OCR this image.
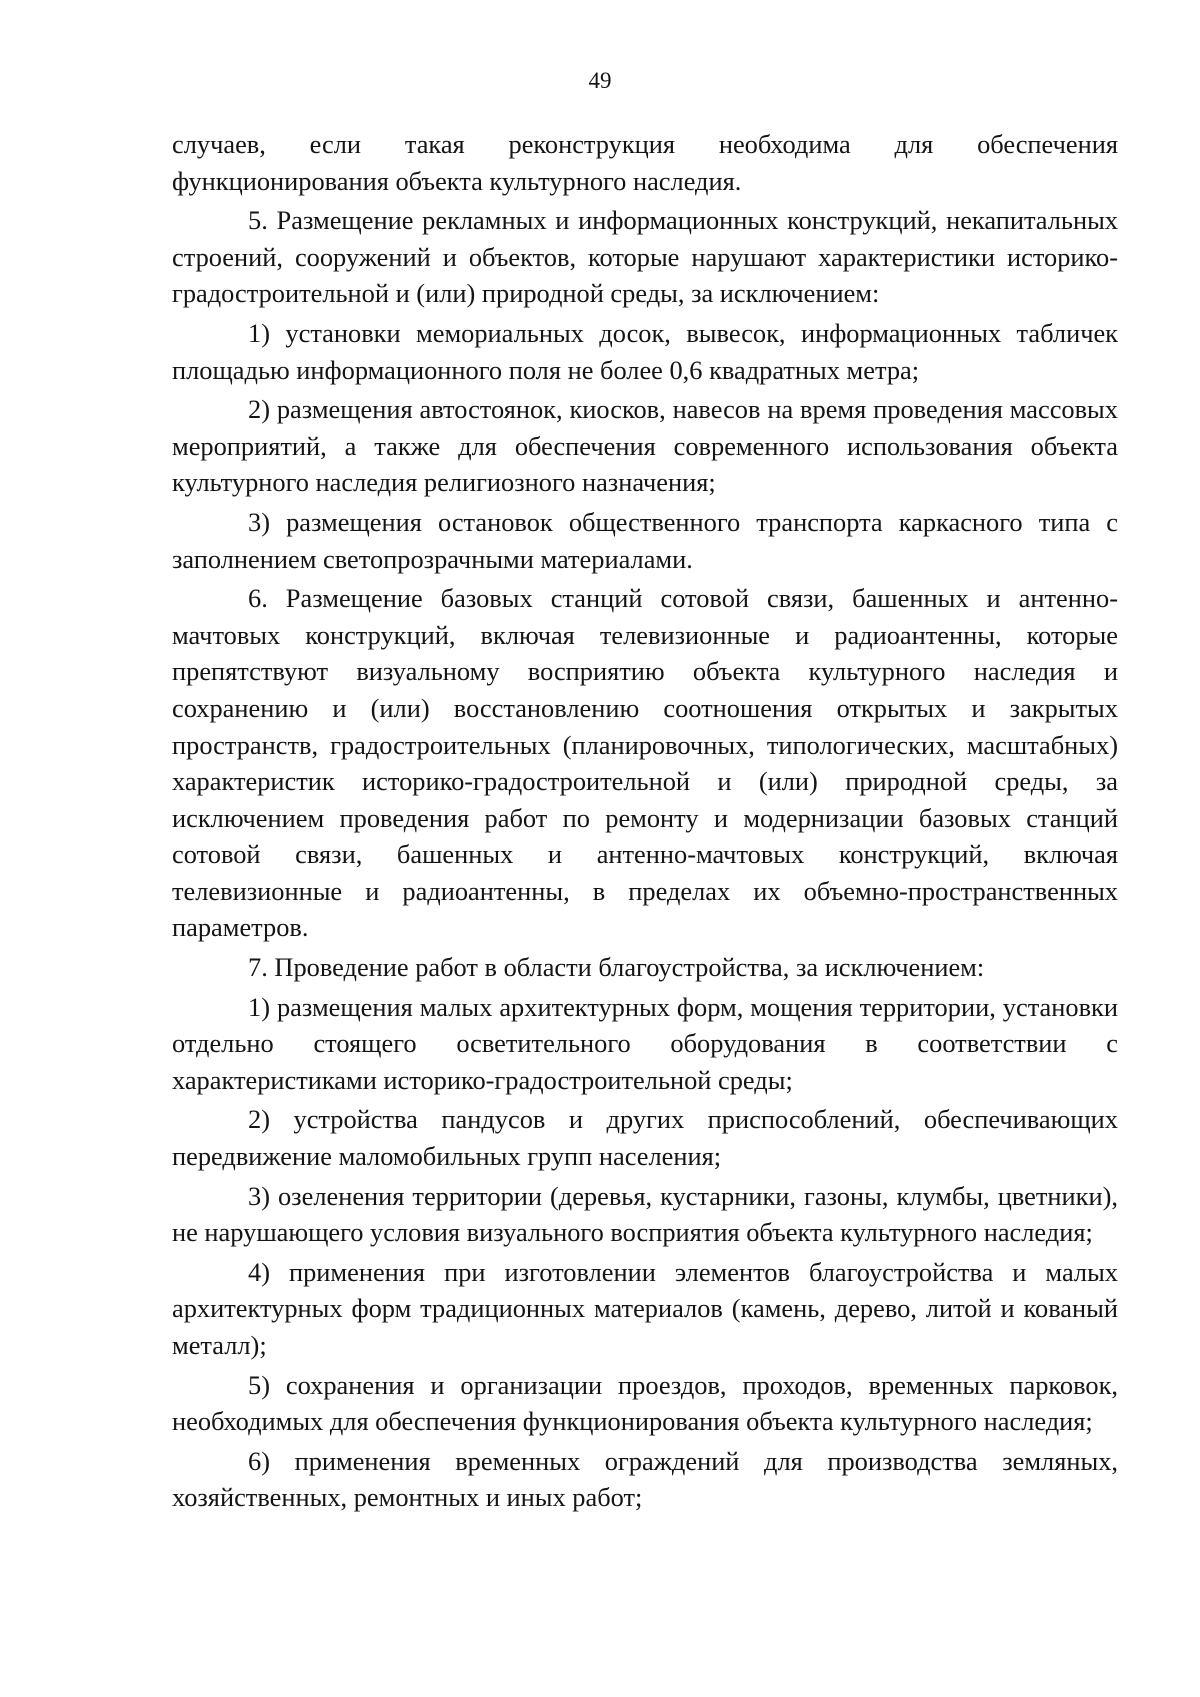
49

случаев, если такая реконструкция необходима для обеспечения функционирования объекта культурного наследия.

5. Размещение рекламных и информационных конструкций, некапитальных строений, сооружений и объектов, которые нарушают характеристики историко-градостроительной и (или) природной среды, за исключением:

1) установки мемориальных досок, вывесок, информационных табличек площадью информационного поля не более 0,6 квадратных метра;

2) размещения автостоянок, киосков, навесов на время проведения массовых мероприятий, а также для обеспечения современного использования объекта культурного наследия религиозного назначения;

3) размещения остановок общественного транспорта каркасного типа с заполнением светопрозрачными материалами.

6. Размещение базовых станций сотовой связи, башенных и антенно-мачтовых конструкций, включая телевизионные и радиоантенны, которые препятствуют визуальному восприятию объекта культурного наследия и сохранению и (или) восстановлению соотношения открытых и закрытых пространств, градостроительных (планировочных, типологических, масштабных) характеристик историко-градостроительной и (или) природной среды, за исключением проведения работ по ремонту и модернизации базовых станций сотовой связи, башенных и антенно-мачтовых конструкций, включая телевизионные и радиоантенны, в пределах их объемно-пространственных параметров.

7. Проведение работ в области благоустройства, за исключением:

1) размещения малых архитектурных форм, мощения территории, установки отдельно стоящего осветительного оборудования в соответствии с характеристиками историко-градостроительной среды;

2) устройства пандусов и других приспособлений, обеспечивающих передвижение маломобильных групп населения;

3) озеленения территории (деревья, кустарники, газоны, клумбы, цветники), не нарушающего условия визуального восприятия объекта культурного наследия;

4) применения при изготовлении элементов благоустройства и малых архитектурных форм традиционных материалов (камень, дерево, литой и кованый металл);

5) сохранения и организации проездов, проходов, временных парковок, необходимых для обеспечения функционирования объекта культурного наследия;

6) применения временных ограждений для производства земляных, хозяйственных, ремонтных и иных работ;
